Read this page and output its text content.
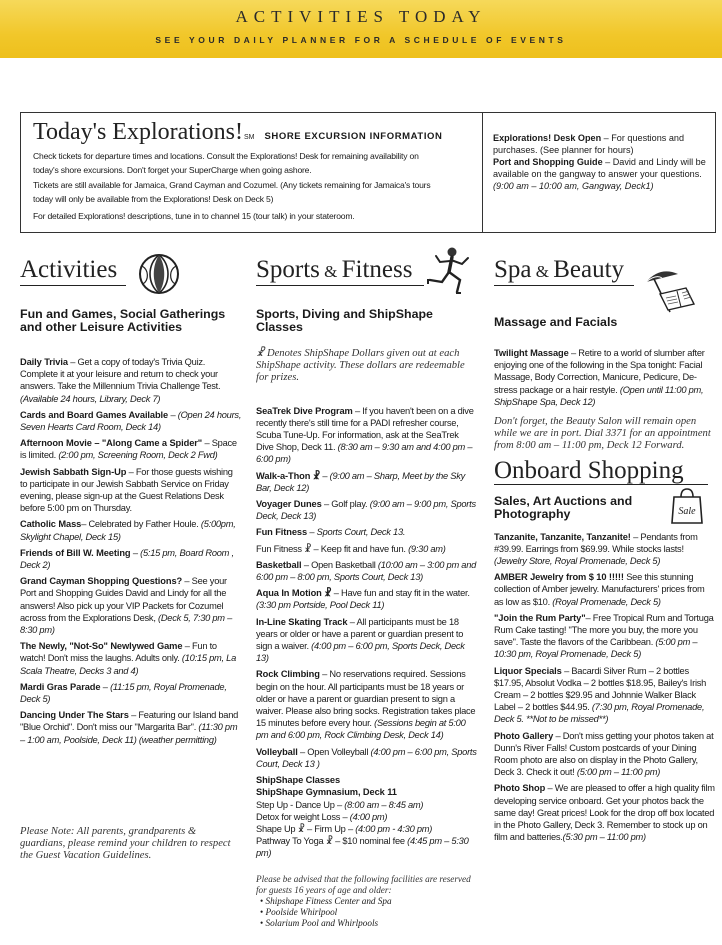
ACTIVITIES TODAY
SEE YOUR DAILY PLANNER FOR A SCHEDULE OF EVENTS
Today's Explorations! SM SHORE EXCURSION INFORMATION
Check tickets for departure times and locations. Consult the Explorations! Desk for remaining availability on
today's shore excursions. Don't forget your SuperCharge when going ashore.
Tickets are still available for Jamaica, Grand Cayman and Cozumel. (Any tickets remaining for Jamaica's tours
today will only be available from the Explorations! Desk on Deck 5)
For detailed Explorations! descriptions, tune in to channel 15 (tour talk) in your stateroom.
Explorations! Desk Open – For questions and purchases. (See planner for hours)
Port and Shopping Guide – David and Lindy will be available on the gangway to answer your questions. (9:00 am – 10:00 am, Gangway, Deck1)
Activities
Fun and Games, Social Gatherings and other Leisure Activities
Daily Trivia – Get a copy of today's Trivia Quiz. Complete it at your leisure and return to check your answers. Take the Millennium Trivia Challenge Test. (Available 24 hours, Library, Deck 7)
Cards and Board Games Available – (Open 24 hours, Seven Hearts Card Room, Deck 14)
Afternoon Movie – "Along Came a Spider" – Space is limited. (2:00 pm, Screening Room, Deck 2 Fwd)
Jewish Sabbath Sign-Up – For those guests wishing to participate in our Jewish Sabbath Service on Friday evening, please sign-up at the Guest Relations Desk before 5:00 pm on Thursday.
Catholic Mass– Celebrated by Father Houle. (5:00pm, Skylight Chapel, Deck 15)
Friends of Bill W. Meeting – (5:15 pm, Board Room , Deck 2)
Grand Cayman Shopping Questions? – See your Port and Shopping Guides David and Lindy for all the answers! Also pick up your VIP Packets for Cozumel across from the Explorations Desk, (Deck 5, 7:30 pm – 8:30 pm)
The Newly, "Not-So" Newlywed Game – Fun to watch! Don't miss the laughs. Adults only. (10:15 pm, La Scala Theatre, Decks 3 and 4)
Mardi Gras Parade – (11:15 pm, Royal Promenade, Deck 5)
Dancing Under The Stars – Featuring our Island band "Blue Orchid". Don't miss our "Margarita Bar". (11:30 pm – 1:00 am, Poolside, Deck 11) (weather permitting)
Please Note: All parents, grandparents & guardians, please remind your children to respect the Guest Vacation Guidelines.
Sports & Fitness
Sports, Diving and ShipShape Classes
☧ Denotes ShipShape Dollars given out at each ShipShape activity. These dollars are redeemable for prizes.
SeaTrek Dive Program – If you haven't been on a dive recently there's still time for a PADI refresher course, Scuba Tune-Up. For information, ask at the SeaTrek Dive Shop, Deck 11. (8:30 am – 9:30 am and 4:00 pm – 6:00 pm)
Walk-a-Thon ☧ – (9:00 am – Sharp, Meet by the Sky Bar, Deck 12)
Voyager Dunes – Golf play. (9:00 am – 9:00 pm, Sports Deck, Deck 13)
Fun Fitness – Sports Court, Deck 13.
Fun Fitness ☧ – Keep fit and have fun. (9:30 am)
Basketball – Open Basketball (10:00 am – 3:00 pm and 6:00 pm – 8:00 pm, Sports Court, Deck 13)
Aqua In Motion ☧ – Have fun and stay fit in the water. (3:30 pm Portside, Pool Deck 11)
In-Line Skating Track – All participants must be 18 years or older or have a parent or guardian present to sign a waiver. (4:00 pm – 6:00 pm, Sports Deck, Deck 13)
Rock Climbing – No reservations required. Sessions begin on the hour. All participants must be 18 years or older or have a parent or guardian present to sign a waiver. Please also bring socks. Registration takes place 15 minutes before every hour. (Sessions begin at 5:00 pm and 6:00 pm, Rock Climbing Desk, Deck 14)
Volleyball – Open Volleyball (4:00 pm – 6:00 pm, Sports Court, Deck 13 )
ShipShape Classes
ShipShape Gymnasium, Deck 11
Step Up - Dance Up – (8:00 am – 8:45 am)
Detox for weight Loss – (4:00 pm)
Shape Up ☧ – Firm Up – (4:00 pm - 4:30 pm)
Pathway To Yoga ☧ – $10 nominal fee (4:45 pm – 5:30 pm)
Please be advised that the following facilities are reserved for guests 16 years of age and older:
• Shipshape Fitness Center and Spa
• Poolside Whirlpool
• Solarium Pool and Whirlpools
Spa & Beauty
Massage and Facials
Twilight Massage – Retire to a world of slumber after enjoying one of the following in the Spa tonight: Facial Massage, Body Correction, Manicure, Pedicure, De-stress package or a hair restyle. (Open until 11:00 pm, ShipShape Spa, Deck 12)
Don't forget, the Beauty Salon will remain open while we are in port. Dial 3371 for an appointment from 8:00 am – 11:00 pm, Deck 12 Forward.
Onboard Shopping
Sales, Art Auctions and Photography	Sale
Tanzanite, Tanzanite, Tanzanite! – Pendants from #39.99. Earrings from $69.99. While stocks lasts! (Jewelry Store, Royal Promenade, Deck 5)
AMBER Jewelry from $ 10 !!!!! See this stunning collection of Amber jewelry. Manufacturers' prices from as low as $10. (Royal Promenade, Deck 5)
"Join the Rum Party"– Free Tropical Rum and Tortuga Rum Cake tasting! "The more you buy, the more you save". Taste the flavors of the Caribbean. (5:00 pm – 10:30 pm, Royal Promenade, Deck 5)
Liquor Specials – Bacardi Silver Rum – 2 bottles $17.95, Absolut Vodka – 2 bottles $18.95, Bailey's Irish Cream – 2 bottles $29.95 and Johnnie Walker Black Label – 2 bottles $44.95. (7:30 pm, Royal Promenade, Deck 5. **Not to be missed**)
Photo Gallery – Don't miss getting your photos taken at Dunn's River Falls! Custom postcards of your Dining Room photo are also on display in the Photo Gallery, Deck 3. Check it out! (5:00 pm – 11:00 pm)
Photo Shop – We are pleased to offer a high quality film developing service onboard. Get your photos back the same day! Great prices! Look for the drop off box located in the Photo Gallery, Deck 3. Remember to stock up on film and batteries.(5:30 pm – 11:00 pm)
